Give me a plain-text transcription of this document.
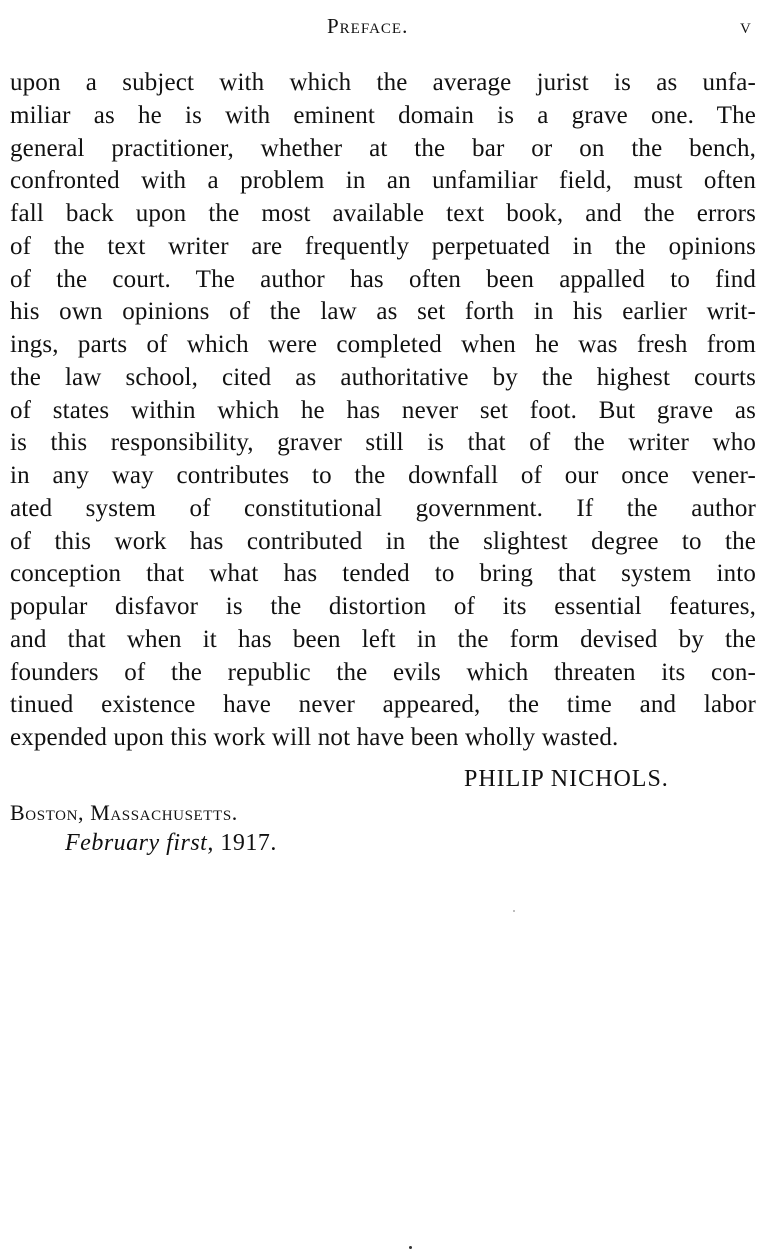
Preface.	v
upon a subject with which the average jurist is as unfa-
miliar as he is with eminent domain is a grave one. The
general practitioner, whether at the bar or on the bench,
confronted with a problem in an unfamiliar field, must often
fall back upon the most available text book, and the errors
of the text writer are frequently perpetuated in the opinions
of the court. The author has often been appalled to find
his own opinions of the law as set forth in his earlier writ-
ings, parts of which were completed when he was fresh from
the law school, cited as authoritative by the highest courts
of states within which he has never set foot. But grave as
is this responsibility, graver still is that of the writer who
in any way contributes to the downfall of our once vener-
ated system of constitutional government. If the author
of this work has contributed in the slightest degree to the
conception that what has tended to bring that system into
popular disfavor is the distortion of its essential features,
and that when it has been left in the form devised by the
founders of the republic the evils which threaten its con-
tinued existence have never appeared, the time and labor
expended upon this work will not have been wholly wasted.
PHILIP NICHOLS.
Boston, Massachusetts.
February first, 1917.
